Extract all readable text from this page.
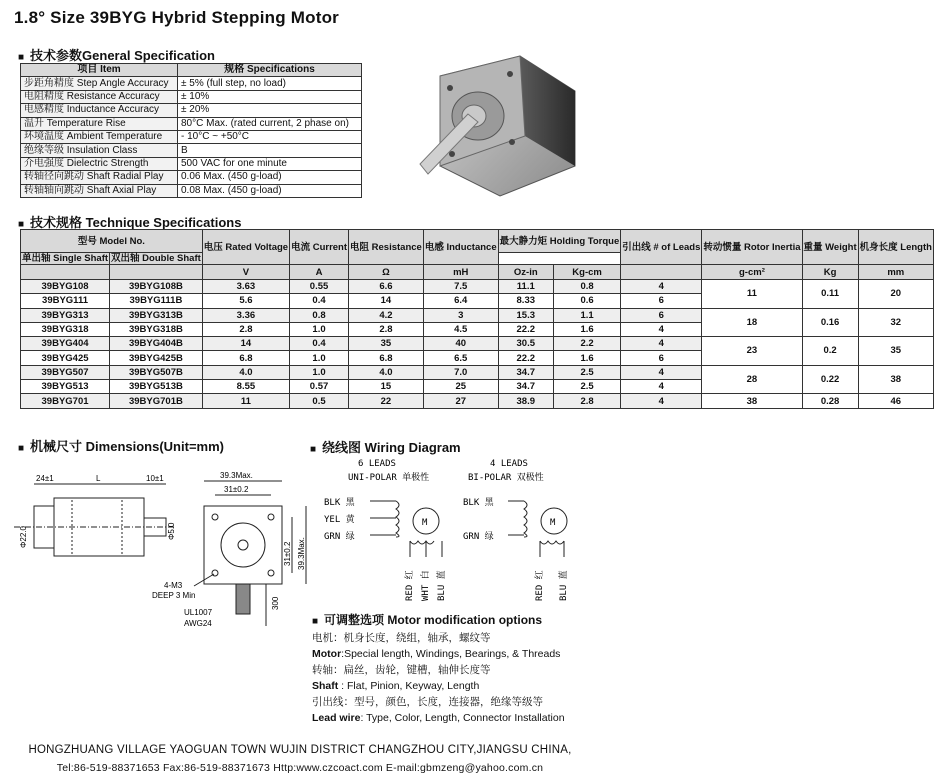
1.8° Size 39BYG Hybrid Stepping Motor
■ 技术参数General Specification
项目 Item	规格 Specifications
步距角精度 Step Angle Accuracy	± 5% (full step, no load)
电阻精度 Resistance Accuracy	± 10%
电感精度 Inductance Accuracy	± 20%
温升 Temperature Rise	80°C Max. (rated current, 2 phase on)
环境温度 Ambient Temperature	- 10°C ~ +50°C
绝缘等级 Insulation Class	B
介电强度 Dielectric Strength	500 VAC for one minute
转轴径向跳动 Shaft Radial Play	0.06 Max. (450 g-load)
转轴轴向跳动 Shaft Axial Play	0.08 Max. (450 g-load)
■ 技术规格 Technique Specifications
型号 Model No.		电压 Rated Voltage	电流 Current	电阻 Resistance	电感 Inductance	最大静力矩 Holding Torque		引出线 # of Leads	转动惯量 Rotor Inertia	重量 Weight	机身长度 Length
单出轴 Single Shaft	双出轴 Double Shaft									
		V	A	Ω	mH	Oz-in	Kg-cm		g-cm²	Kg	mm
39BYG108	39BYG108B	3.63	0.55	6.6	7.5	11.1	0.8	4	11	0.11	20
39BYG111	39BYG111B	5.6	0.4	14	6.4	8.33	0.6	6			
39BYG313	39BYG313B	3.36	0.8	4.2	3	15.3	1.1	6	18	0.16	32
39BYG318	39BYG318B	2.8	1.0	2.8	4.5	22.2	1.6	4			
39BYG404	39BYG404B	14	0.4	35	40	30.5	2.2	4	23	0.2	35
39BYG425	39BYG425B	6.8	1.0	6.8	6.5	22.2	1.6	6			
39BYG507	39BYG507B	4.0	1.0	4.0	7.0	34.7	2.5	4	28	0.22	38
39BYG513	39BYG513B	8.55	0.57	15	25	34.7	2.5	4			
39BYG701	39BYG701B	11	0.5	22	27	38.9	2.8	4	38	0.28	46
■ 机械尺寸 Dimensions(Unit=mm)
24±1	L	10±1
Φ22.0	Φ5.0
39.3Max.
31±0.2
31±0.2 39.3Max.
300
4-M3
DEEP 3 Min
UL1007
AWG24
■ 绕线图 Wiring Diagram
6 LEADS	4 LEADS
UNI-POLAR 单极性	BI-POLAR 双极性
BLK 黑
YEL 黄
GRN 绿
M
RED 红 WHT 白 BLU 蓝
BLK 黑
GRN 绿
M
RED 红 BLU 蓝
■ 可调整选项 Motor modification options
电机：机身长度，绕组，轴承，螺纹等
Motor:Special length, Windings, Bearings, & Threads
转轴：扁丝，齿轮，键槽，轴伸长度等
Shaft : Flat, Pinion, Keyway, Length
引出线：型号，颜色，长度，连接器，绝缘等级等
Lead wire: Type, Color, Length, Connector Installation
HONGZHUANG VILLAGE YAOGUAN TOWN WUJIN DISTRICT CHANGZHOU CITY,JIANGSU CHINA,
Tel:86-519-88371653 Fax:86-519-88371673 Http:www.czcoact.com E-mail:gbmzeng@yahoo.com.cn
